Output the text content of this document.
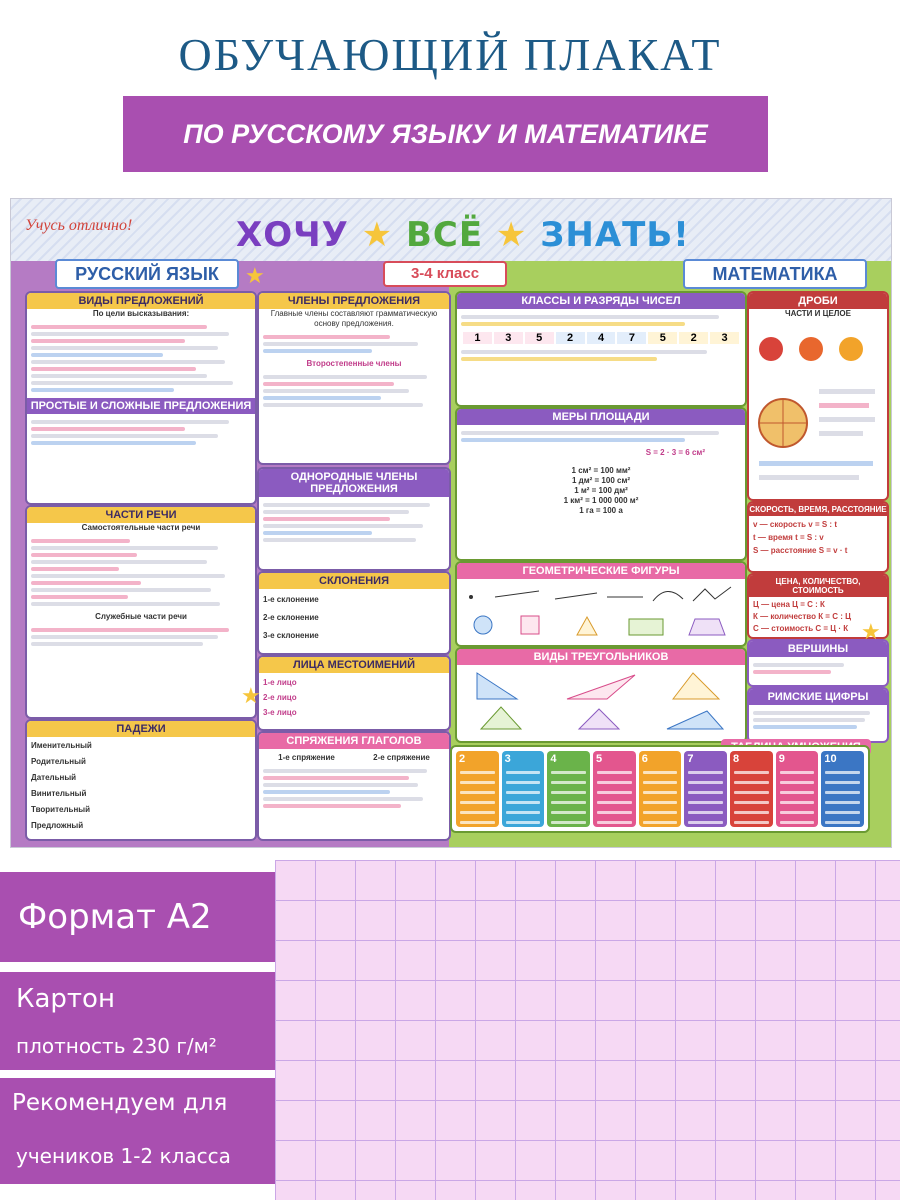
ОБУЧАЮЩИЙ ПЛАКАТ
ПО РУССКОМУ ЯЗЫКУ И МАТЕМАТИКЕ
Учусь отлично!	ХОЧУ ★ ВСЁ ★ ЗНАТЬ!
3-4 класс
РУССКИЙ ЯЗЫК	МАТЕМАТИКА
ВИДЫ ПРЕДЛОЖЕНИЙ
По цели высказывания:
ПРОСТЫЕ И СЛОЖНЫЕ ПРЕДЛОЖЕНИЯ
ЧЛЕНЫ ПРЕДЛОЖЕНИЯ
Главные члены составляют грамматическую основу предложения.
Второстепенные члены
ОДНОРОДНЫЕ ЧЛЕНЫ ПРЕДЛОЖЕНИЯ
ЧАСТИ РЕЧИ
Самостоятельные части речи
Служебные части речи
СКЛОНЕНИЯ
1-е склонение
2-е склонение
3-е склонение
ЛИЦА МЕСТОИМЕНИЙ
1-е лицо
2-е лицо
3-е лицо
ПАДЕЖИ
Именительный
Родительный
Дательный
Винительный
Творительный
Предложный
СПРЯЖЕНИЯ ГЛАГОЛОВ
1-е спряжение	2-е спряжение
КЛАССЫ И РАЗРЯДЫ ЧИСЕЛ
1	3	5	2	4	7	5	2	3
МЕРЫ ПЛОЩАДИ
S = 2 · 3 = 6 см²
1 см² = 100 мм²
1 дм² = 100 см²
1 м² = 100 дм²
1 км² = 1 000 000 м²
1 га = 100 а
ГЕОМЕТРИЧЕСКИЕ ФИГУРЫ
ВИДЫ ТРЕУГОЛЬНИКОВ
ДРОБИ
ЧАСТИ И ЦЕЛОЕ
СКОРОСТЬ, ВРЕМЯ, РАССТОЯНИЕ
v — скорость v = S : t
t — время t = S : v
S — расстояние S = v · t
ЦЕНА, КОЛИЧЕСТВО, СТОИМОСТЬ
Ц — цена Ц = С : К
К — количество К = С : Ц
С — стоимость С = Ц · К
ВЕРШИНЫ
РИМСКИЕ ЦИФРЫ
★
★
★
2	3	4	5	6	7	8	9	10
Формат А2
Картон
плотность 230 г/м²
Рекомендуем для
учеников 1-2 класса
